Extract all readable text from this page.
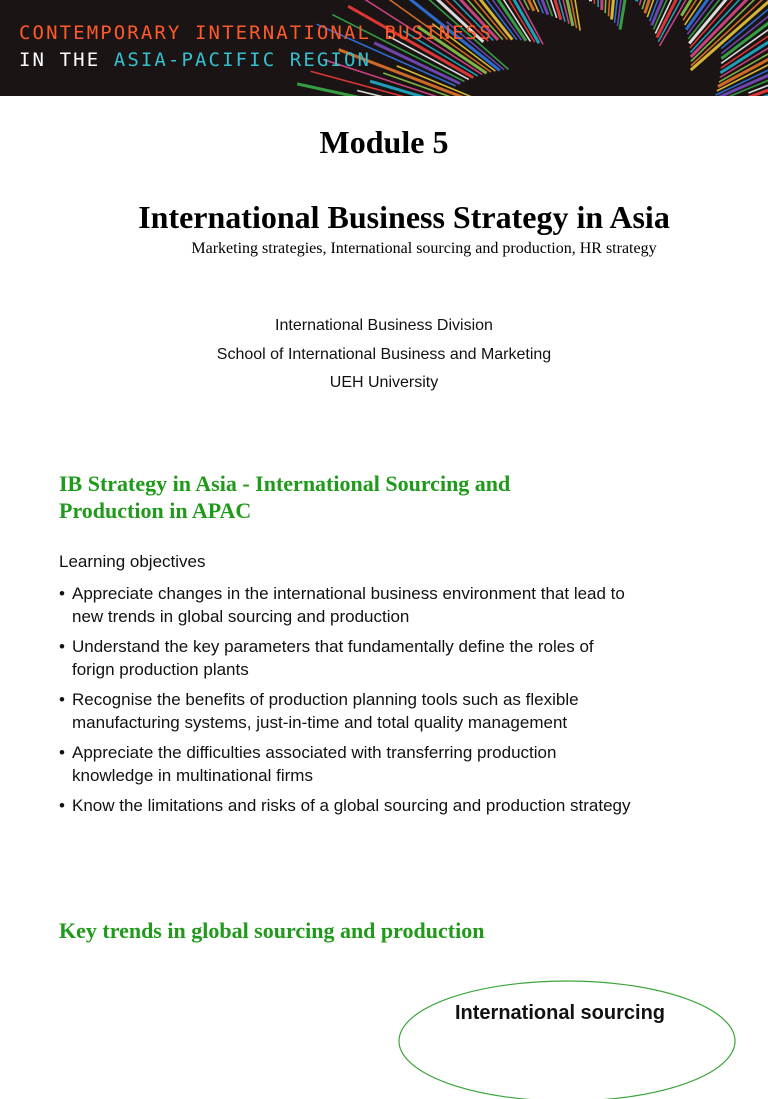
CONTEMPORARY INTERNATIONAL BUSINESS
IN THE ASIA-PACIFIC REGION
Module 5
International Business Strategy in Asia
Marketing strategies, International sourcing and production, HR strategy
International Business Division
School of International Business and Marketing
UEH University
IB Strategy in Asia - International Sourcing and
Production in APAC
Learning objectives
• Appreciate changes in the international business environment that lead to
new trends in global sourcing and production
• Understand the key parameters that fundamentally define the roles of
forign production plants
• Recognise the benefits of production planning tools such as flexible
manufacturing systems, just-in-time and total quality management
• Appreciate the difficulties associated with transferring production
knowledge in multinational firms
• Know the limitations and risks of a global sourcing and production strategy
Key trends in global sourcing and production
International sourcing
